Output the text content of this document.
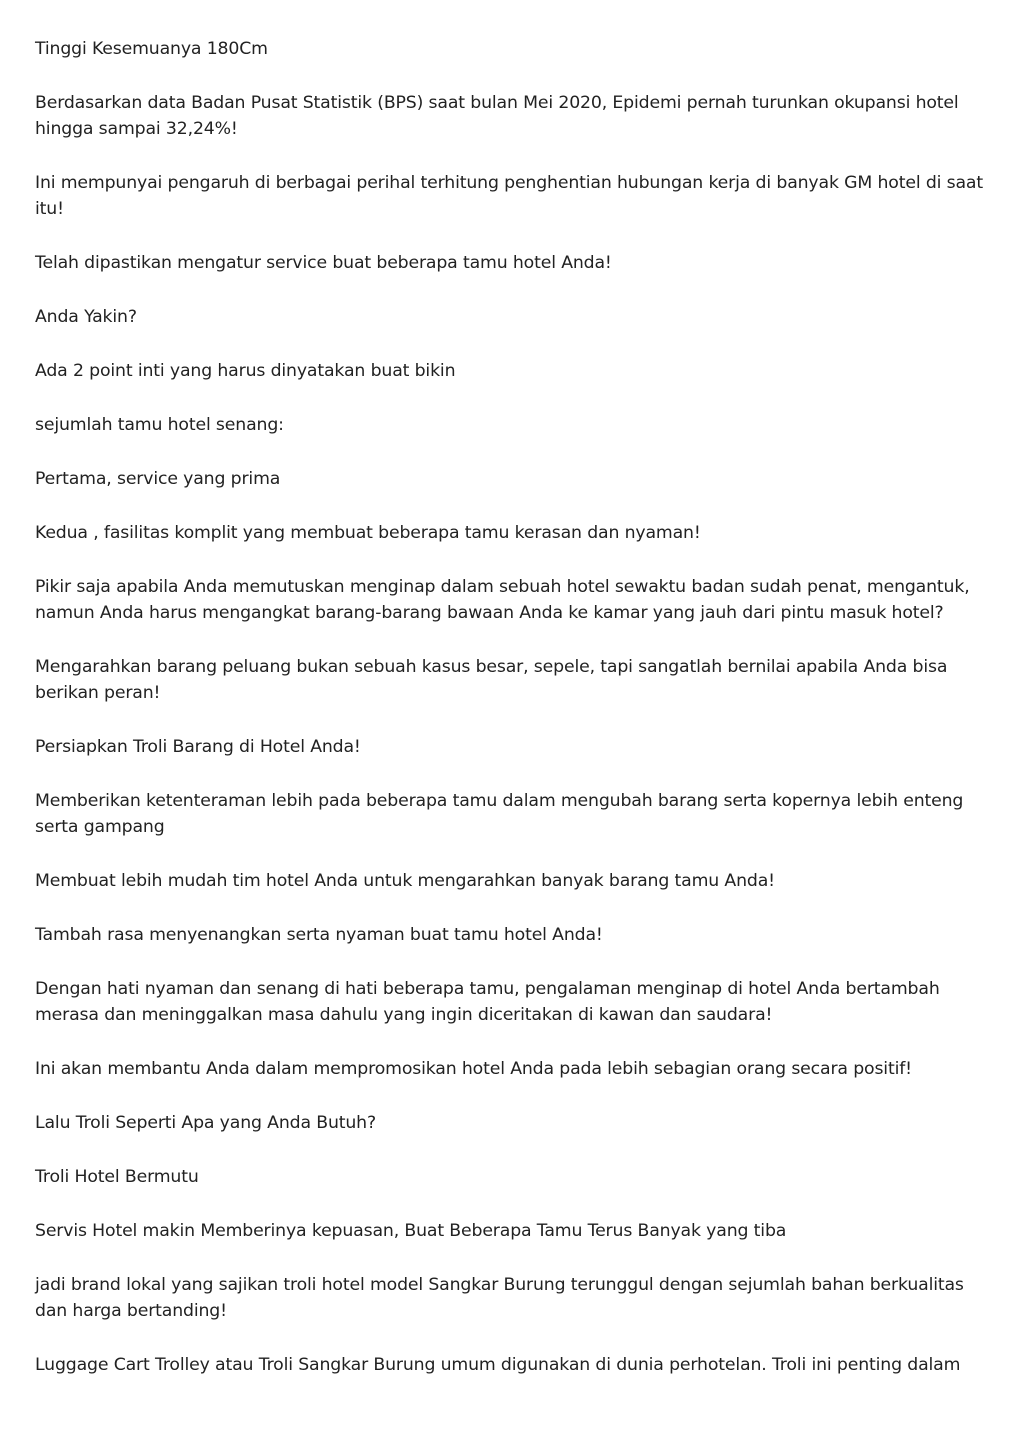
Tinggi Kesemuanya 180Cm

Berdasarkan data Badan Pusat Statistik (BPS) saat bulan Mei 2020, Epidemi pernah turunkan okupansi hotel hingga sampai 32,24%!

Ini mempunyai pengaruh di berbagai perihal terhitung penghentian hubungan kerja di banyak GM hotel di saat itu!

Telah dipastikan mengatur service buat beberapa tamu hotel Anda!

Anda Yakin?

Ada 2 point inti yang harus dinyatakan buat bikin

sejumlah tamu hotel senang:

Pertama, service yang prima

Kedua , fasilitas komplit yang membuat beberapa tamu kerasan dan nyaman!

Pikir saja apabila Anda memutuskan menginap dalam sebuah hotel sewaktu badan sudah penat, mengantuk, namun Anda harus mengangkat barang-barang bawaan Anda ke kamar yang jauh dari pintu masuk hotel?

Mengarahkan barang peluang bukan sebuah kasus besar, sepele, tapi sangatlah bernilai apabila Anda bisa berikan peran!

Persiapkan Troli Barang di Hotel Anda!

Memberikan ketenteraman lebih pada beberapa tamu dalam mengubah barang serta kopernya lebih enteng serta gampang

Membuat lebih mudah tim hotel Anda untuk mengarahkan banyak barang tamu Anda!

Tambah rasa menyenangkan serta nyaman buat tamu hotel Anda!

Dengan hati nyaman dan senang di hati beberapa tamu, pengalaman menginap di hotel Anda bertambah merasa dan meninggalkan masa dahulu yang ingin diceritakan di kawan dan saudara!

Ini akan membantu Anda dalam mempromosikan hotel Anda pada lebih sebagian orang secara positif!

Lalu Troli Seperti Apa yang Anda Butuh?

Troli Hotel Bermutu

Servis Hotel makin Memberinya kepuasan, Buat Beberapa Tamu Terus Banyak yang tiba

jadi brand lokal yang sajikan troli hotel model Sangkar Burung terunggul dengan sejumlah bahan berkualitas dan harga bertanding!

Luggage Cart Trolley atau Troli Sangkar Burung umum digunakan di dunia perhotelan. Troli ini penting dalam
